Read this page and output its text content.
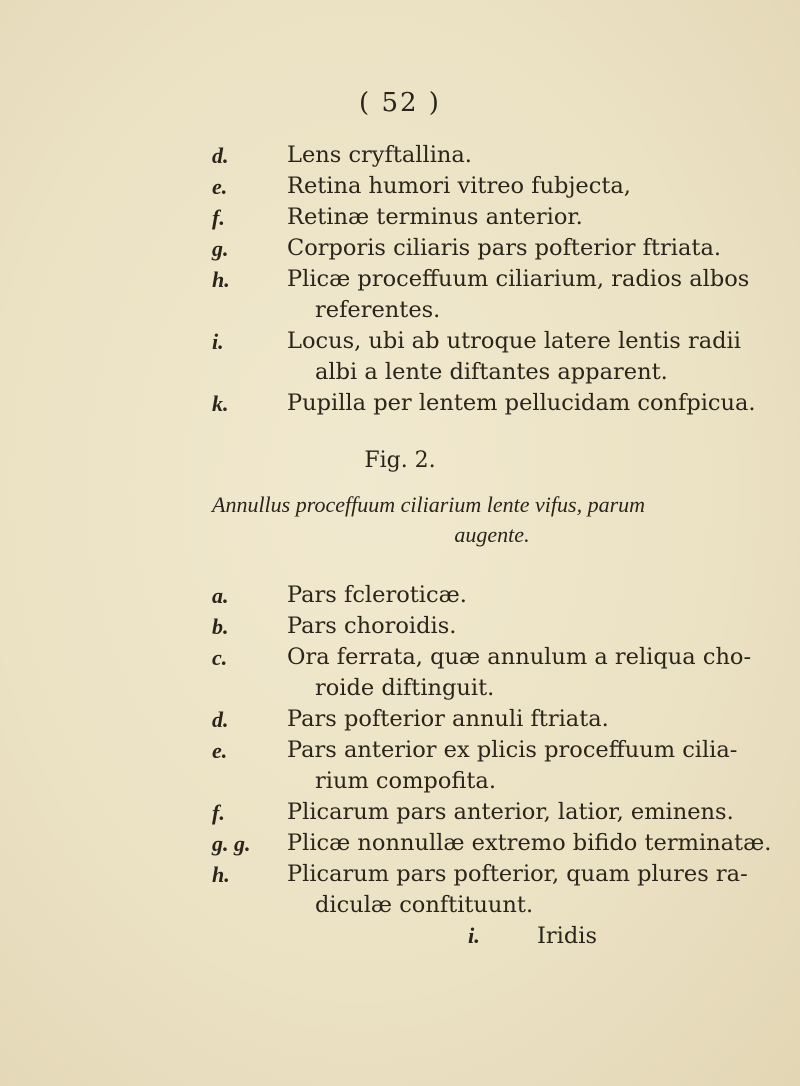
( 52 )
d.	Lens cryftallina.
e.	Retina humori vitreo fubjecta,
f.	Retinæ terminus anterior.
g.	Corporis ciliaris pars pofterior ftriata.
h.	Plicæ proceffuum ciliarium, radios albos
referentes.
i.	Locus, ubi ab utroque latere lentis radii
albi a lente diftantes apparent.
k.	Pupilla per lentem pellucidam confpicua.
Fig. 2.
Annullus proceffuum ciliarium lente vifus, parum
augente.
a.	Pars fcleroticæ.
b.	Pars choroidis.
c.	Ora ferrata, quæ annulum a reliqua cho-
roide diftinguit.
d.	Pars pofterior annuli ftriata.
e.	Pars anterior ex plicis proceffuum cilia-
rium compofita.
f.	Plicarum pars anterior, latior, eminens.
g. g. Plicæ nonnullæ extremo bifido terminatæ.
h.	Plicarum pars pofterior, quam plures ra-
diculæ conftituunt.
i.	Iridis
